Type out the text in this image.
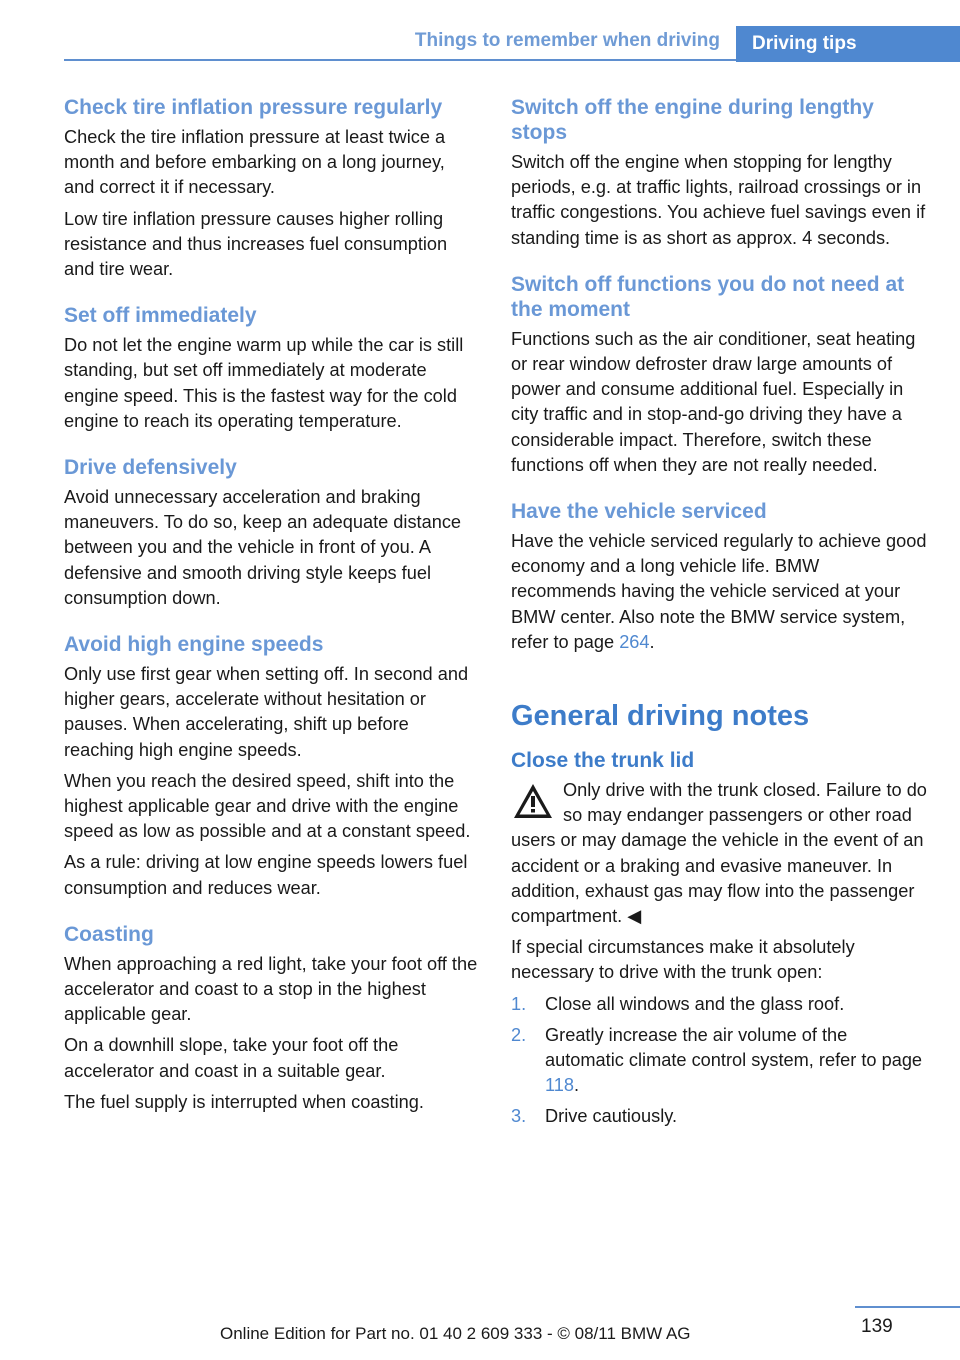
Things to remember when driving Driving tips
Check tire inflation pressure regularly

Check the tire inflation pressure at least twice a month and before embarking on a long journey, and correct it if necessary.

Low tire inflation pressure causes higher rolling resistance and thus increases fuel consumption and tire wear.

Set off immediately

Do not let the engine warm up while the car is still standing, but set off immediately at moderate engine speed. This is the fastest way for the cold engine to reach its operating temperature.

Drive defensively

Avoid unnecessary acceleration and braking maneuvers. To do so, keep an adequate distance between you and the vehicle in front of you. A defensive and smooth driving style keeps fuel consumption down.

Avoid high engine speeds

Only use first gear when setting off. In second and higher gears, accelerate without hesitation or pauses. When accelerating, shift up before reaching high engine speeds.

When you reach the desired speed, shift into the highest applicable gear and drive with the engine speed as low as possible and at a constant speed.

As a rule: driving at low engine speeds lowers fuel consumption and reduces wear.

Coasting

When approaching a red light, take your foot off the accelerator and coast to a stop in the highest applicable gear.

On a downhill slope, take your foot off the accelerator and coast in a suitable gear.

The fuel supply is interrupted when coasting.

Switch off the engine during lengthy stops

Switch off the engine when stopping for lengthy periods, e.g. at traffic lights, railroad crossings or in traffic congestions. You achieve fuel savings even if standing time is as short as approx. 4 seconds.

Switch off functions you do not need at the moment

Functions such as the air conditioner, seat heating or rear window defroster draw large amounts of power and consume additional fuel. Especially in city traffic and in stop-and-go driving they have a considerable impact. Therefore, switch these functions off when they are not really needed.

Have the vehicle serviced

Have the vehicle serviced regularly to achieve good economy and a long vehicle life. BMW recommends having the vehicle serviced at your BMW center. Also note the BMW service system, refer to page 264.

General driving notes
Close the trunk lid

Only drive with the trunk closed. Failure to do so may endanger passengers or other road users or may damage the vehicle in the event of an accident or a braking and evasive maneuver. In addition, exhaust gas may flow into the passenger compartment. ◀

If special circumstances make it absolutely necessary to drive with the trunk open:

1. Close all windows and the glass roof.
2. Greatly increase the air volume of the automatic climate control system, refer to page 118.
3. Drive cautiously.
139
Online Edition for Part no. 01 40 2 609 333 - © 08/11 BMW AG
